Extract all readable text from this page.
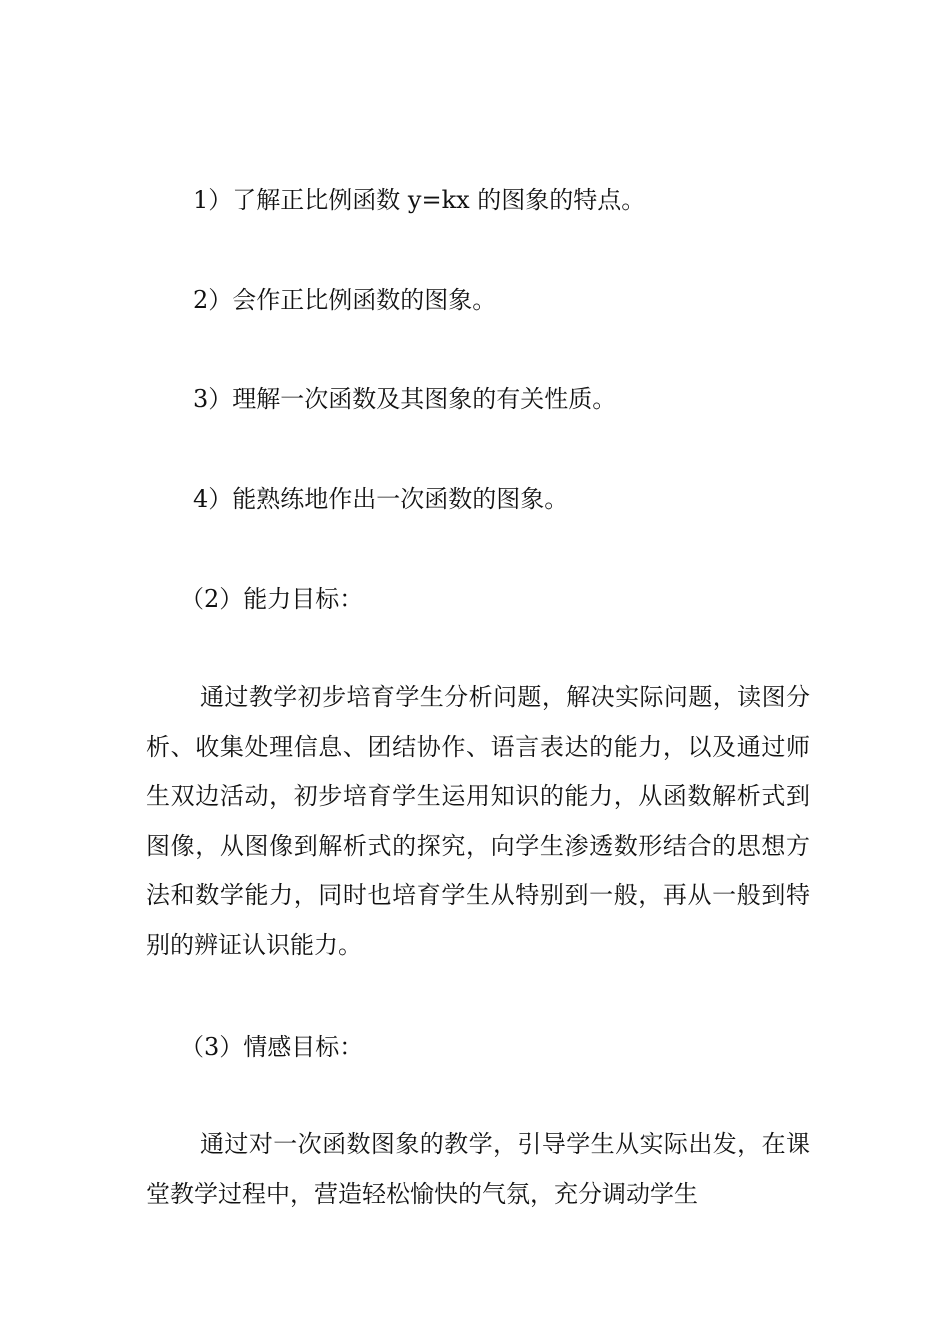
1）了解正比例函数 y=kx 的图象的特点。
2）会作正比例函数的图象。
3）理解一次函数及其图象的有关性质。
4）能熟练地作出一次函数的图象。
（2）能力目标：
通过教学初步培育学生分析问题，解决实际问题，读图分析、收集处理信息、团结协作、语言表达的能力，以及通过师生双边活动，初步培育学生运用知识的能力，从函数解析式到图像，从图像到解析式的探究，向学生渗透数形结合的思想方法和数学能力，同时也培育学生从特别到一般，再从一般到特别的辨证认识能力。
（3）情感目标：
通过对一次函数图象的教学，引导学生从实际出发，在课堂教学过程中，营造轻松愉快的气氛，充分调动学生
